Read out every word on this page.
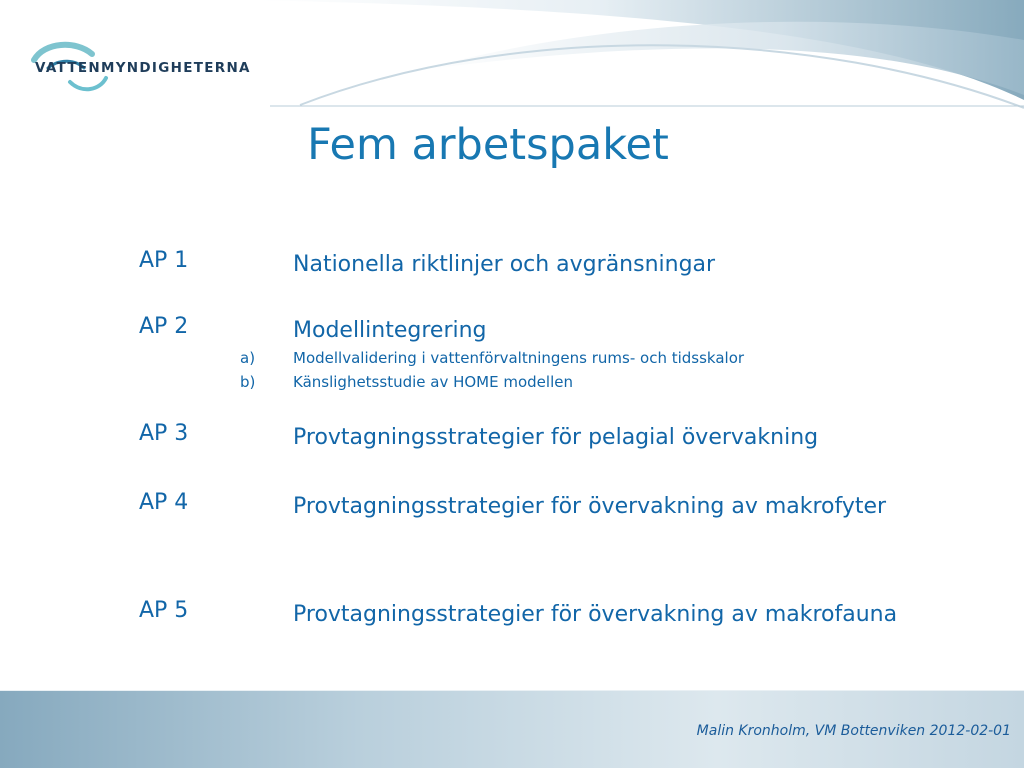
VATTENMYNDIGHETERNA
Fem arbetspaket
AP 1	Nationella riktlinjer och avgränsningar
AP 2	Modellintegrering
a)	Modellvalidering i vattenförvaltningens rums- och tidsskalor
b)	Känslighetsstudie av HOME modellen
AP 3	Provtagningsstrategier för pelagial övervakning
AP 4	Provtagningsstrategier för övervakning av makrofyter
AP 5	Provtagningsstrategier för övervakning av makrofauna
Malin Kronholm, VM Bottenviken 2012-02-01
